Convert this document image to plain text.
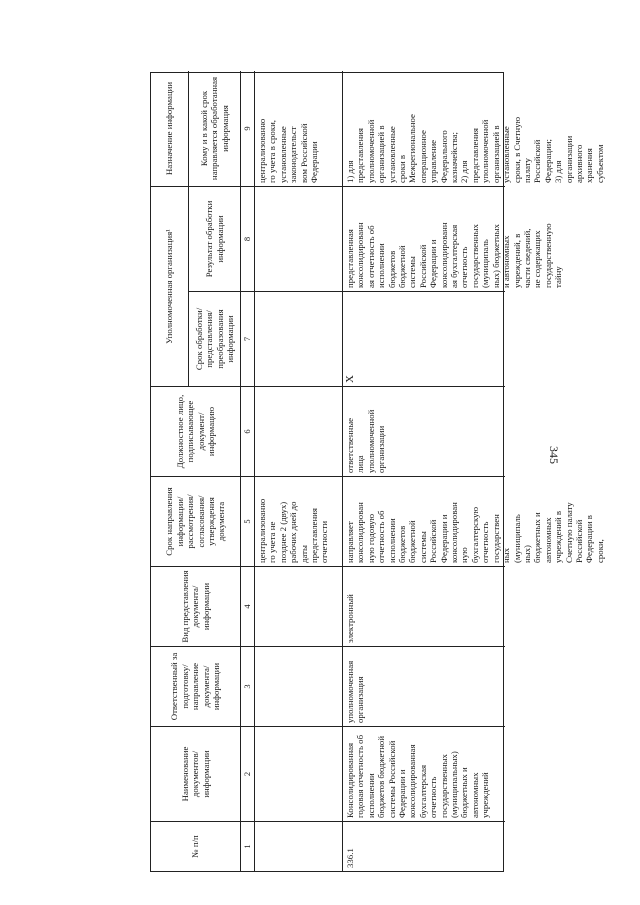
345
№ п/п
Наименование документов/ информации
Ответственный за подготовку/ направление документа/ информации
Вид представления документа/ информации
Срок направления информации/ рассмотрения/ согласования/ утверждения документа
Должностное лицо, подписывающее документ/ информацию
Уполномоченная организация¹	Срок обработки/ представления/ преобразования информации
Результат обработки информации
Назначение информации	Кому и в какой срок направляется обработанная информация
1
2
3
4
5
6
7
8
9
централизованно го учета не позднее 2 (двух) рабочих дней до даты представления отчетности
централизованно го учета в сроки, установленные законодательст вом Российской Федерации
336.1
Консолидированная годовая отчетность об исполнении бюджетов бюджетной системы Российской Федерации и консолидированная бухгалтерская отчетность государственных (муниципальных) бюджетных и автономных учреждений
уполномоченная организация
электронный
направляет консолидирован ную годовую отчетность об исполнении бюджетов бюджетной системы Российской Федерации и консолидирован ную бухгалтерскую отчетность государствен ных (муниципаль ных) бюджетных и автономных учреждений в Счетную палату Российской Федерации в сроки,
ответственные лица уполномоченной организации
X
представленная консолидированн ая отчетность об исполнении бюджетов бюджетной системы Российской Федерации и консолидированн ая бухгалтерская отчетность государственных (муниципаль ных) бюджетных и автономных учреждений, в части сведений, не содержащих государственную тайну
1) для представления уполномоченной организацией в установленные сроки в Межрегиональное операционное управление Федерального казначейства; 2) для представления уполномоченной организацией в установленные сроки, в Счетную палату Российской Федерации; 3) для организации архивного хранения субъектом
